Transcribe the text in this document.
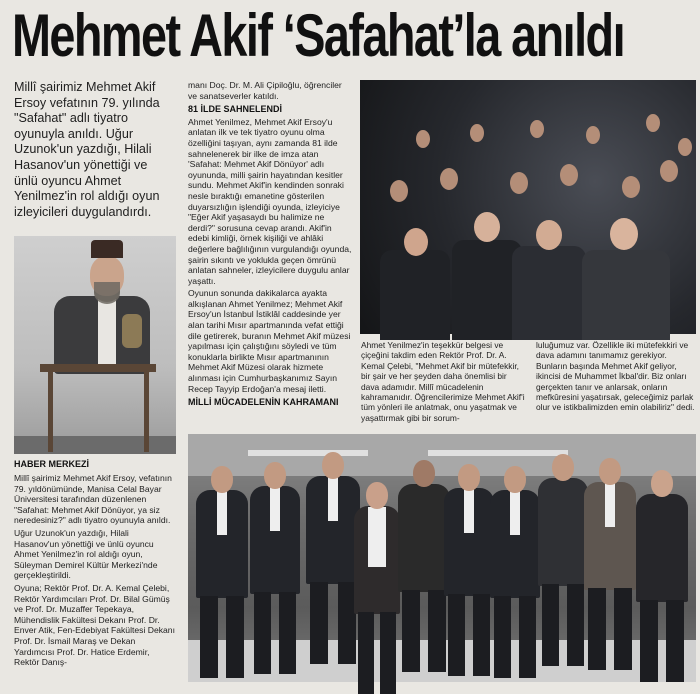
Mehmet Akif ‘Safahat’la anıldı
Millî şairimiz Mehmet Akif Ersoy vefatının 79. yılında "Safahat" adlı tiyatro oyunuyla anıldı. Uğur Uzunok'un yazdığı, Hilali Hasanov'un yönettiği ve ünlü oyuncu Ahmet Yenilmez'in rol aldığı oyun izleyicileri duygulandırdı.
HABER MERKEZİ

Millî şairimiz Mehmet Akif Ersoy, vefatının 79. yıldönümünde, Manisa Celal Bayar Üniversitesi tarafından düzenlenen "Safahat: Mehmet Akif Dönüyor, ya siz neredesiniz?" adlı tiyatro oyunuyla anıldı.

Uğur Uzunok'un yazdığı, Hilali Hasanov'un yönettiği ve ünlü oyuncu Ahmet Yenilmez'in rol aldığı oyun, Süleyman Demirel Kültür Merkezi'nde gerçekleştirildi.

Oyuna; Rektör Prof. Dr. A. Kemal Çelebi, Rektör Yardımcıları Prof. Dr. Bilal Gümüş ve Prof. Dr. Muzaffer Tepekaya, Mühendislik Fakültesi Dekanı Prof. Dr. Enver Atik, Fen-Edebiyat Fakültesi Dekanı Prof. Dr. İsmail Maraş ve Dekan Yardımcısı Prof. Dr. Hatice Erdemir, Rektör Danış-

manı Doç. Dr. M. Ali Çipiloğlu, öğrenciler ve sanatseverler katıldı.

81 İLDE SAHNELENDİ

Ahmet Yenilmez, Mehmet Akif Ersoy'u anlatan ilk ve tek tiyatro oyunu olma özelliğini taşıyan, aynı zamanda 81 ilde sahnelenerek bir ilke de imza atan 'Safahat: Mehmet Akif Dönüyor' adlı oyununda, milli şairin hayatından kesitler sundu. Mehmet Akif'in kendinden sonraki nesle bıraktığı emanetine gösterilen duyarsızlığın işlendiği oyunda, izleyiciye "Eğer Akif yaşasaydı bu halimize ne derdi?" sorusuna cevap arandı. Akif'in edebi kimliği, örnek kişiliği ve ahlâki değerlere bağlılığının vurgulandığı oyunda, şairin sıkıntı ve yoklukla geçen ömrünü anlatan sahneler, izleyicilere duygulu anlar yaşattı.

Oyunun sonunda dakikalarca ayakta alkışlanan Ahmet Yenilmez; Mehmet Akif Ersoy'un İstanbul İstiklâl caddesinde yer alan tarihi Mısır apartmanında vefat ettiği dile getirerek, buranın Mehmet Akif müzesi yapılması için çalıştığını söyledi ve tüm konuklarla birlikte Mısır apartmanının Mehmet Akif Müzesi olarak hizmete alınması için Cumhurbaşkanımız Sayın Recep Tayyip Erdoğan'a mesaj iletti.

MİLLİ MÜCADELENİN KAHRAMANI
Ahmet Yenilmez'in teşekkür belgesi ve çiçeğini takdim eden Rektör Prof. Dr. A. Kemal Çelebi, "Mehmet Akif bir mütefekkir, bir şair ve her şeyden daha önemlisi bir dava adamıdır. Millî mücadelenin kahramanıdır. Öğrencilerimize Mehmet Akif'i tüm yönleri ile anlatmak, onu yaşatmak ve yaşattırmak gibi bir sorum-
luluğumuz var. Özellikle iki mütefekkiri ve dava adamını tanımamız gerekiyor. Bunların başında Mehmet Akif geliyor, ikincisi de Muhammet İkbal'dir. Biz onları gerçekten tanır ve anlarsak, onların mefkûresini yaşatırsak, geleceğimiz parlak olur ve istikbalimizden emin olabiliriz" dedi.
